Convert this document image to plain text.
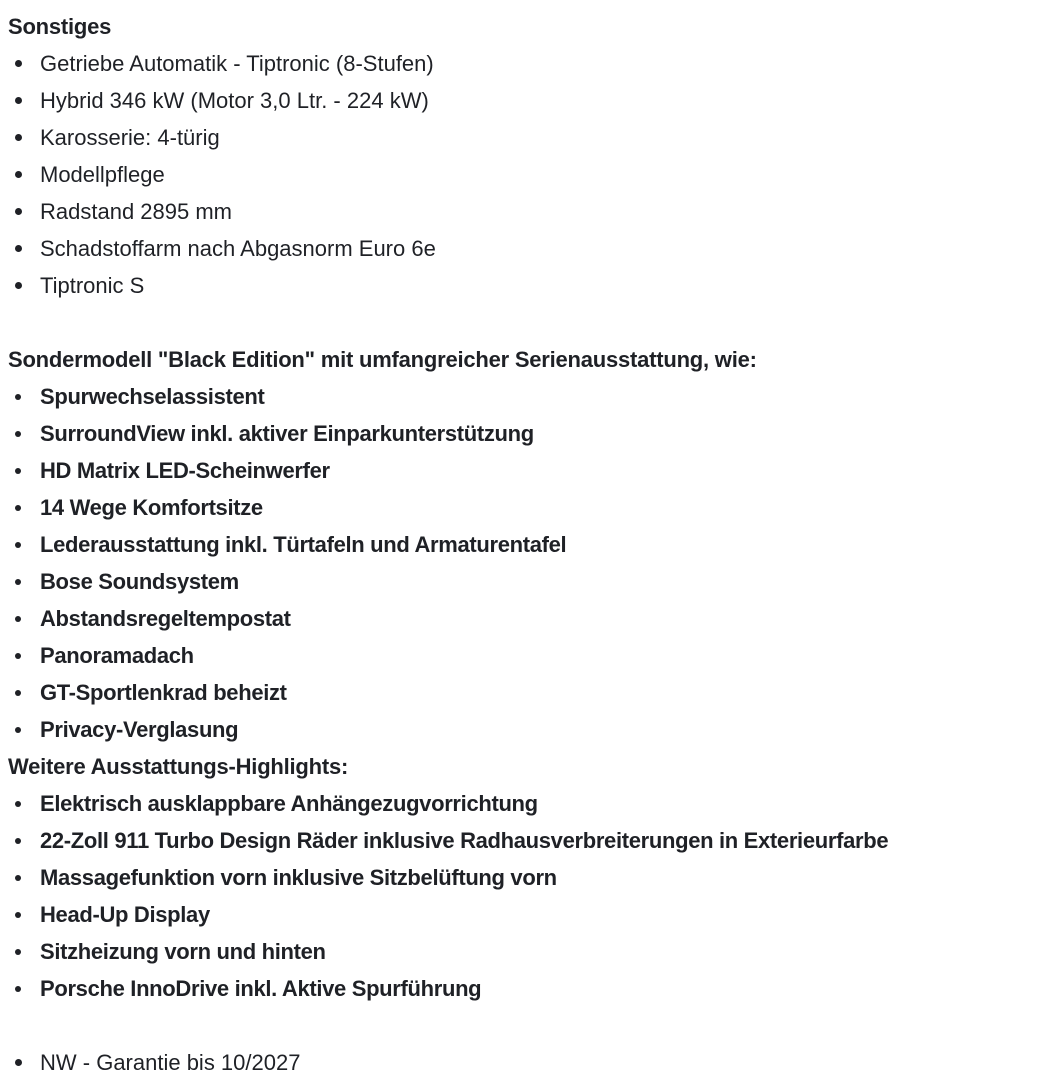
Sonstiges
Getriebe Automatik - Tiptronic (8-Stufen)
Hybrid 346 kW (Motor 3,0 Ltr. - 224 kW)
Karosserie: 4-türig
Modellpflege
Radstand 2895 mm
Schadstoffarm nach Abgasnorm Euro 6e
Tiptronic S
Sondermodell "Black Edition" mit umfangreicher Serienausstattung, wie:
Spurwechselassistent
SurroundView inkl. aktiver Einparkunterstützung
HD Matrix LED-Scheinwerfer
14 Wege Komfortsitze
Lederausstattung inkl. Türtafeln und Armaturentafel
Bose Soundsystem
Abstandsregeltempostat
Panoramadach
GT-Sportlenkrad beheizt
Privacy-Verglasung
Weitere Ausstattungs-Highlights:
Elektrisch ausklappbare Anhängezugvorrichtung
22-Zoll 911 Turbo Design Räder inklusive Radhausverbreiterungen in Exterieurfarbe
Massagefunktion vorn inklusive Sitzbelüftung vorn
Head-Up Display
Sitzheizung vorn und hinten
Porsche InnoDrive inkl. Aktive Spurführung
NW - Garantie bis 10/2027
